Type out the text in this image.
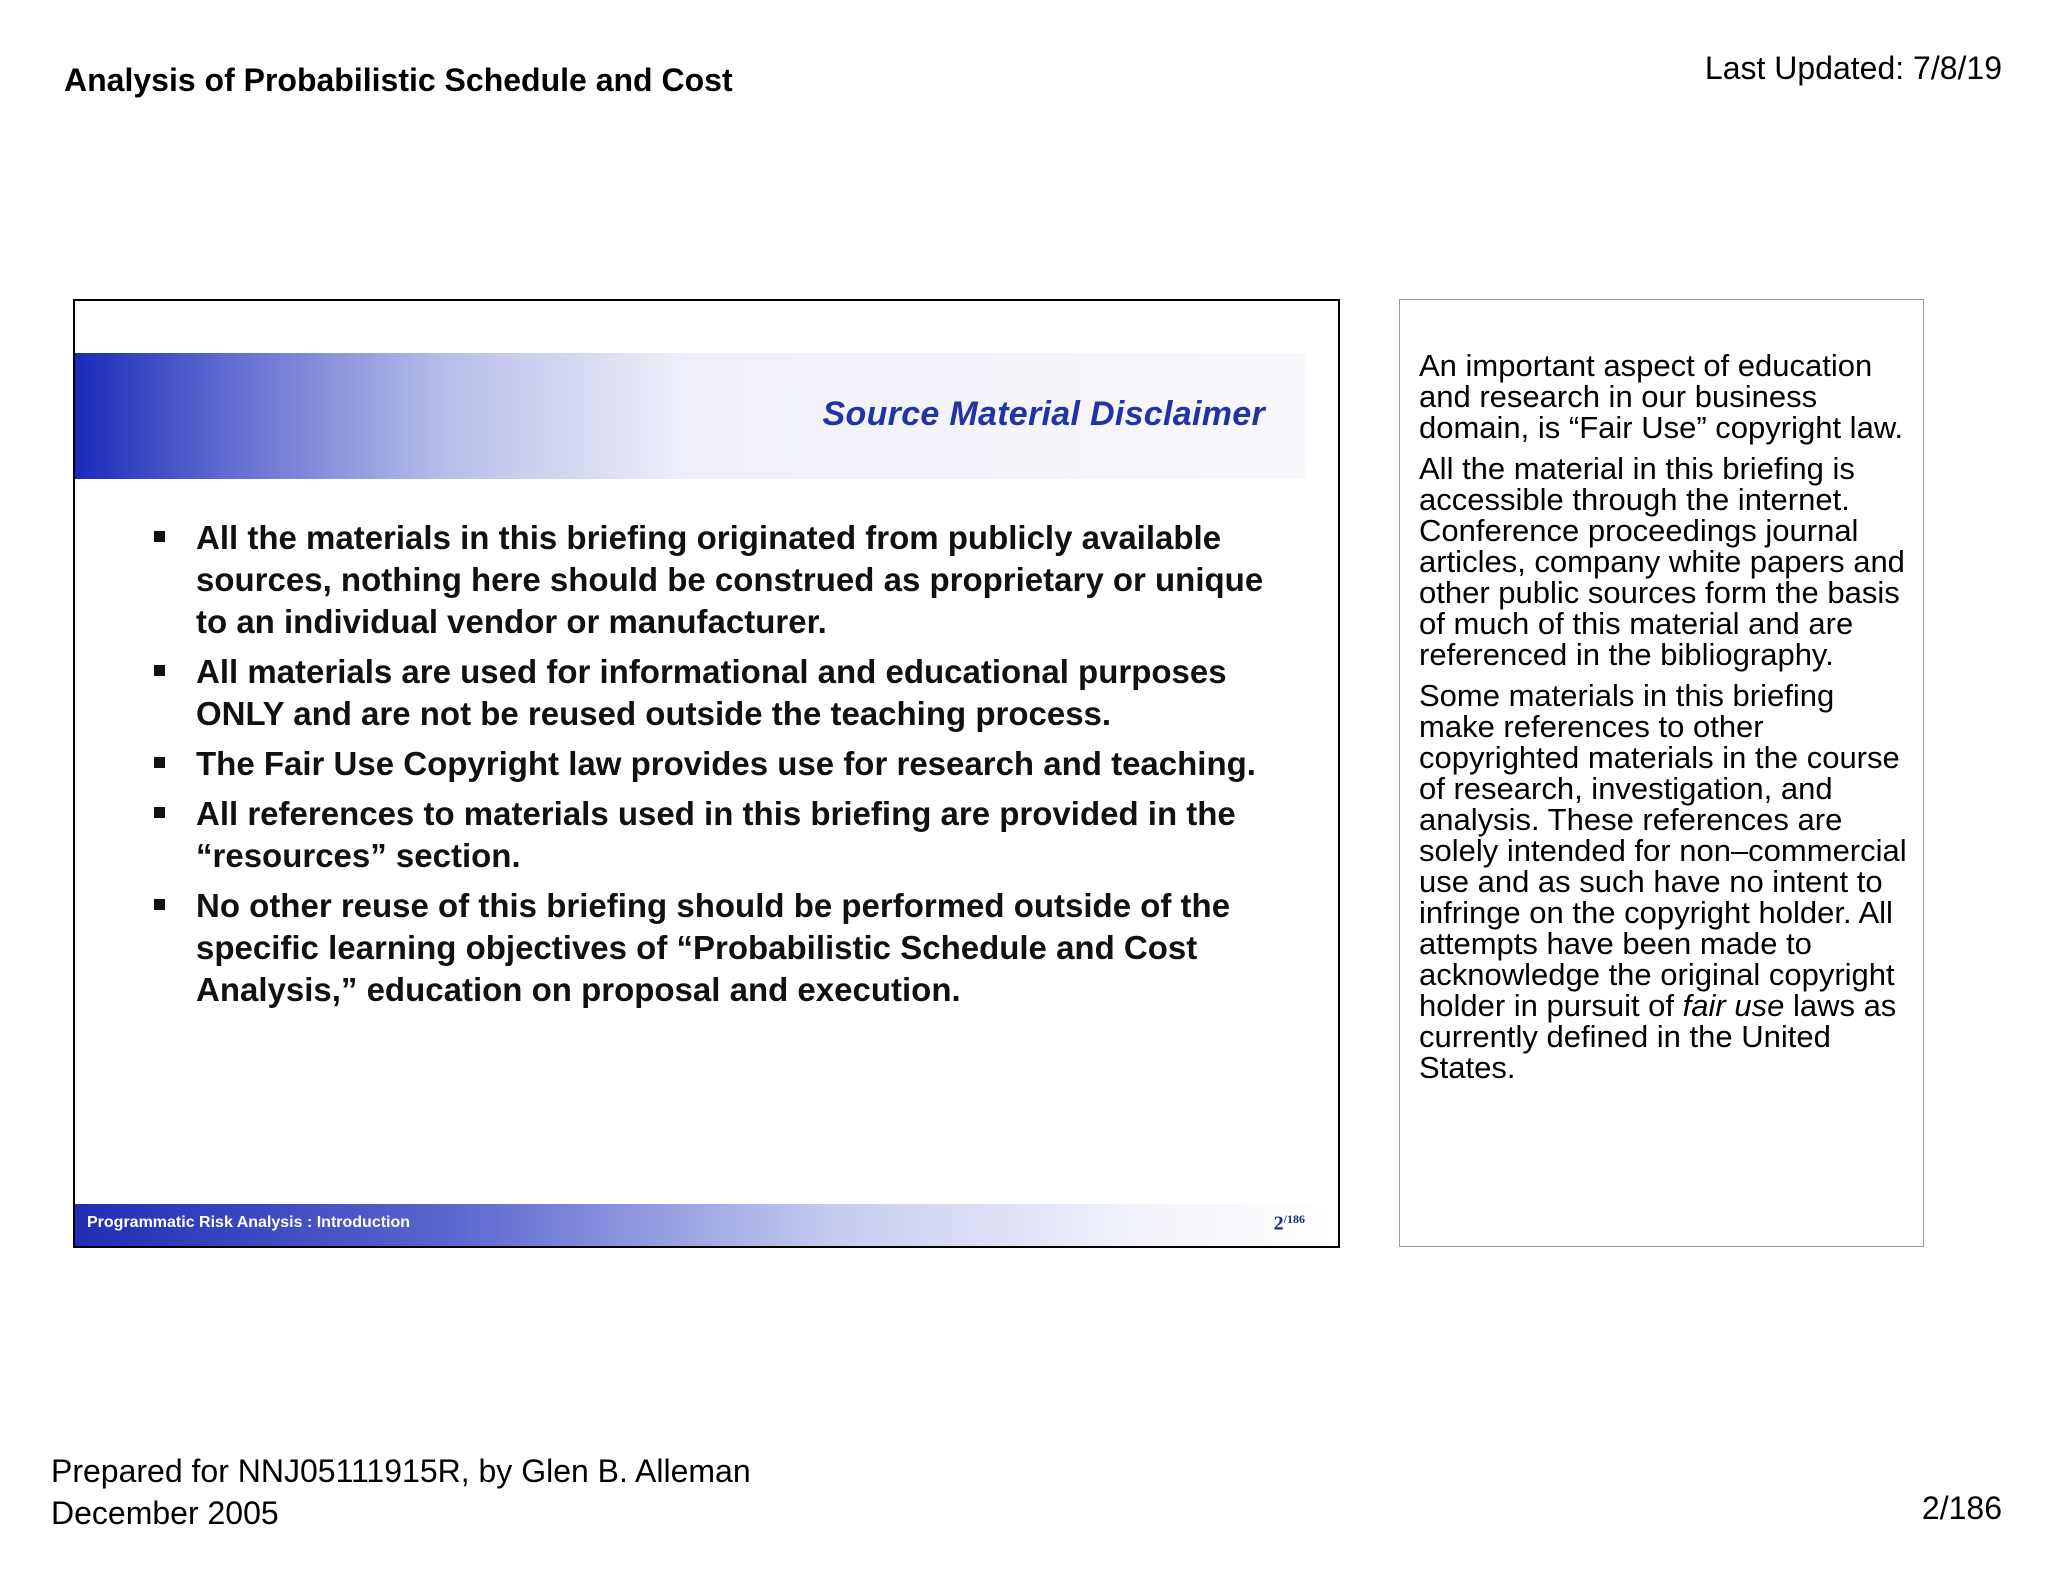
Analysis of Probabilistic Schedule and Cost	Last Updated: 7/8/19
Source Material Disclaimer
All the materials in this briefing originated from publicly available sources, nothing here should be construed as proprietary or unique to an individual vendor or manufacturer.
All materials are used for informational and educational purposes ONLY and are not be reused outside the teaching process.
The Fair Use Copyright law provides use for research and teaching.
All references to materials used in this briefing are provided in the “resources” section.
No other reuse of this briefing should be performed outside of the specific learning objectives of “Probabilistic Schedule and Cost Analysis,” education on proposal and execution.
Programmatic Risk Analysis : Introduction	$2^{/186}$

An important aspect of education and research in our business domain, is “Fair Use” copyright law.

All the material in this briefing is accessible through the internet. Conference proceedings journal articles, company white papers and other public sources form the basis of much of this material and are referenced in the bibliography.

Some materials in this briefing make references to other copyrighted materials in the course of research, investigation, and analysis. These references are solely intended for non–commercial use and as such have no intent to infringe on the copyright holder. All attempts have been made to acknowledge the original copyright holder in pursuit of fair use laws as currently defined in the United States.

Prepared for NNJ05111915R, by Glen B. Alleman
December 2005	2/186
